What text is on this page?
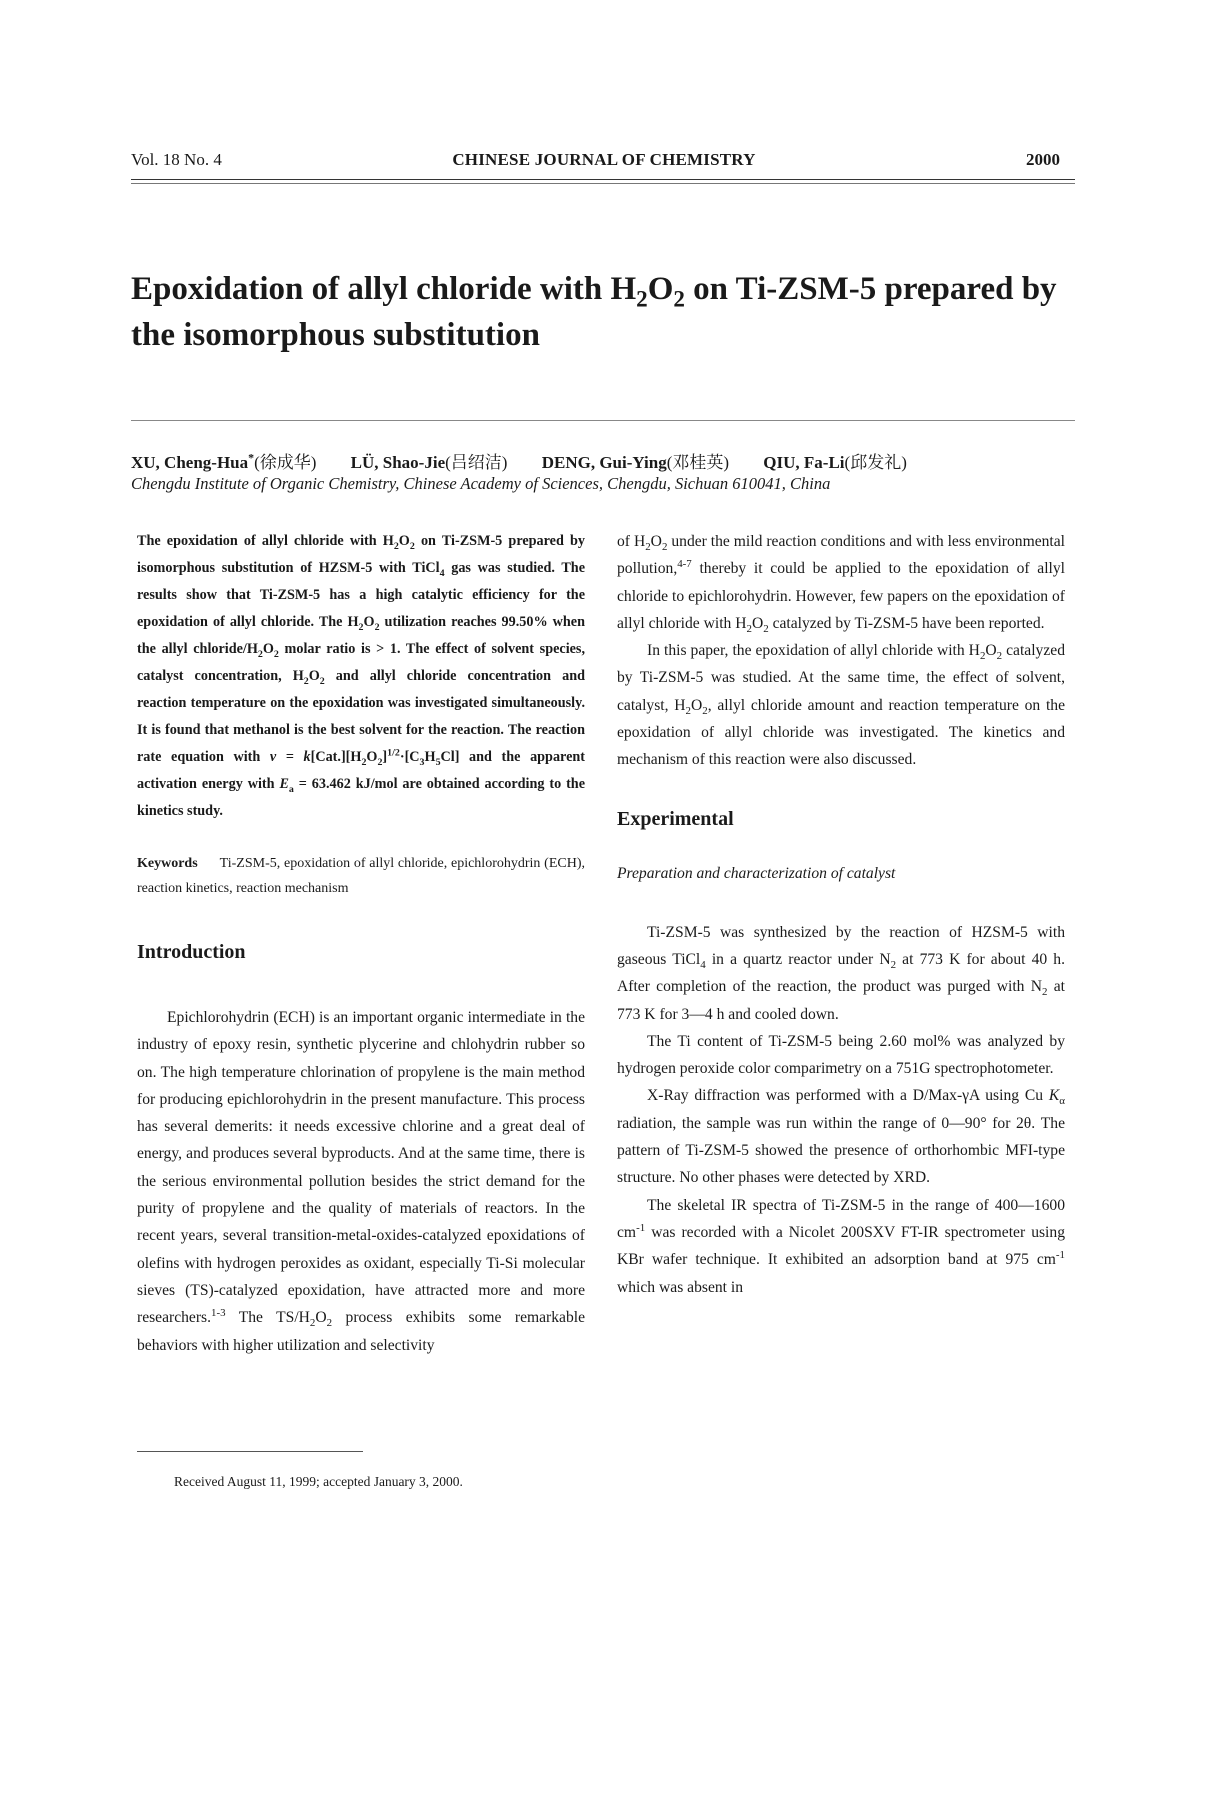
Vol. 18 No. 4	CHINESE JOURNAL OF CHEMISTRY	2000
Epoxidation of allyl chloride with $H_2O_2$ on Ti-ZSM-5 prepared by the isomorphous substitution
XU, Cheng-Hua*(徐成华) LÜ, Shao-Jie(吕绍洁) DENG, Gui-Ying(邓桂英) QIU, Fa-Li(邱发礼)
Chengdu Institute of Organic Chemistry, Chinese Academy of Sciences, Chengdu, Sichuan 610041, China

The epoxidation of allyl chloride with $H_2O_2$ on Ti-ZSM-5 prepared by isomorphous substitution of HZSM-5 with TiCl$_4$ gas was studied. The results show that Ti-ZSM-5 has a high catalytic efficiency for the epoxidation of allyl chloride. The $H_2O_2$ utilization reaches 99.50% when the allyl chloride/$H_2O_2$ molar ratio is > 1. The effect of solvent species, catalyst concentration, $H_2O_2$ and allyl chloride concentration and reaction temperature on the epoxidation was investigated simultaneously. It is found that methanol is the best solvent for the reaction. The reaction rate equation with $v = k[Cat.][H_2O_2]^{1/2}\cdot[C_3H_5Cl]$ and the apparent activation energy with $E_a = 63.462$ kJ/mol are obtained according to the kinetics study.

Keywords Ti-ZSM-5, epoxidation of allyl chloride, epichlorohydrin (ECH), reaction kinetics, reaction mechanism

Introduction

Epichlorohydrin (ECH) is an important organic intermediate in the industry of epoxy resin, synthetic plycerine and chlohydrin rubber so on. The high temperature chlorination of propylene is the main method for producing epichlorohydrin in the present manufacture. This process has several demerits: it needs excessive chlorine and a great deal of energy, and produces several byproducts. And at the same time, there is the serious environmental pollution besides the strict demand for the purity of propylene and the quality of materials of reactors. In the recent years, several transition-metal-oxides-catalyzed epoxidations of olefins with hydrogen peroxides as oxidant, especially Ti-Si molecular sieves (TS)-catalyzed epoxidation, have attracted more and more researchers.$^{1-3}$ The $TS/H_2O_2$ process exhibits some remarkable behaviors with higher utilization and selectivity

of $H_2O_2$ under the mild reaction conditions and with less environmental pollution,$^{4-7}$ thereby it could be applied to the epoxidation of allyl chloride to epichlorohydrin. However, few papers on the epoxidation of allyl chloride with $H_2O_2$ catalyzed by Ti-ZSM-5 have been reported.

In this paper, the epoxidation of allyl chloride with $H_2O_2$ catalyzed by Ti-ZSM-5 was studied. At the same time, the effect of solvent, catalyst, $H_2O_2$, allyl chloride amount and reaction temperature on the epoxidation of allyl chloride was investigated. The kinetics and mechanism of this reaction were also discussed.

Experimental

Preparation and characterization of catalyst

Ti-ZSM-5 was synthesized by the reaction of HZSM-5 with gaseous TiCl$_4$ in a quartz reactor under $N_2$ at 773 K for about 40 h. After completion of the reaction, the product was purged with $N_2$ at 773 K for 3—4 h and cooled down.

The Ti content of Ti-ZSM-5 being 2.60 mol% was analyzed by hydrogen peroxide color comparimetry on a 751G spectrophotometer.

X-Ray diffraction was performed with a D/Max-γA using Cu $K_\alpha$ radiation, the sample was run within the range of 0—90° for 2θ. The pattern of Ti-ZSM-5 showed the presence of orthorhombic MFI-type structure. No other phases were detected by XRD.

The skeletal IR spectra of Ti-ZSM-5 in the range of 400—1600 $cm^{-1}$ was recorded with a Nicolet 200SXV FT-IR spectrometer using KBr wafer technique. It exhibited an adsorption band at 975 $cm^{-1}$ which was absent in

Received August 11, 1999; accepted January 3, 2000.
